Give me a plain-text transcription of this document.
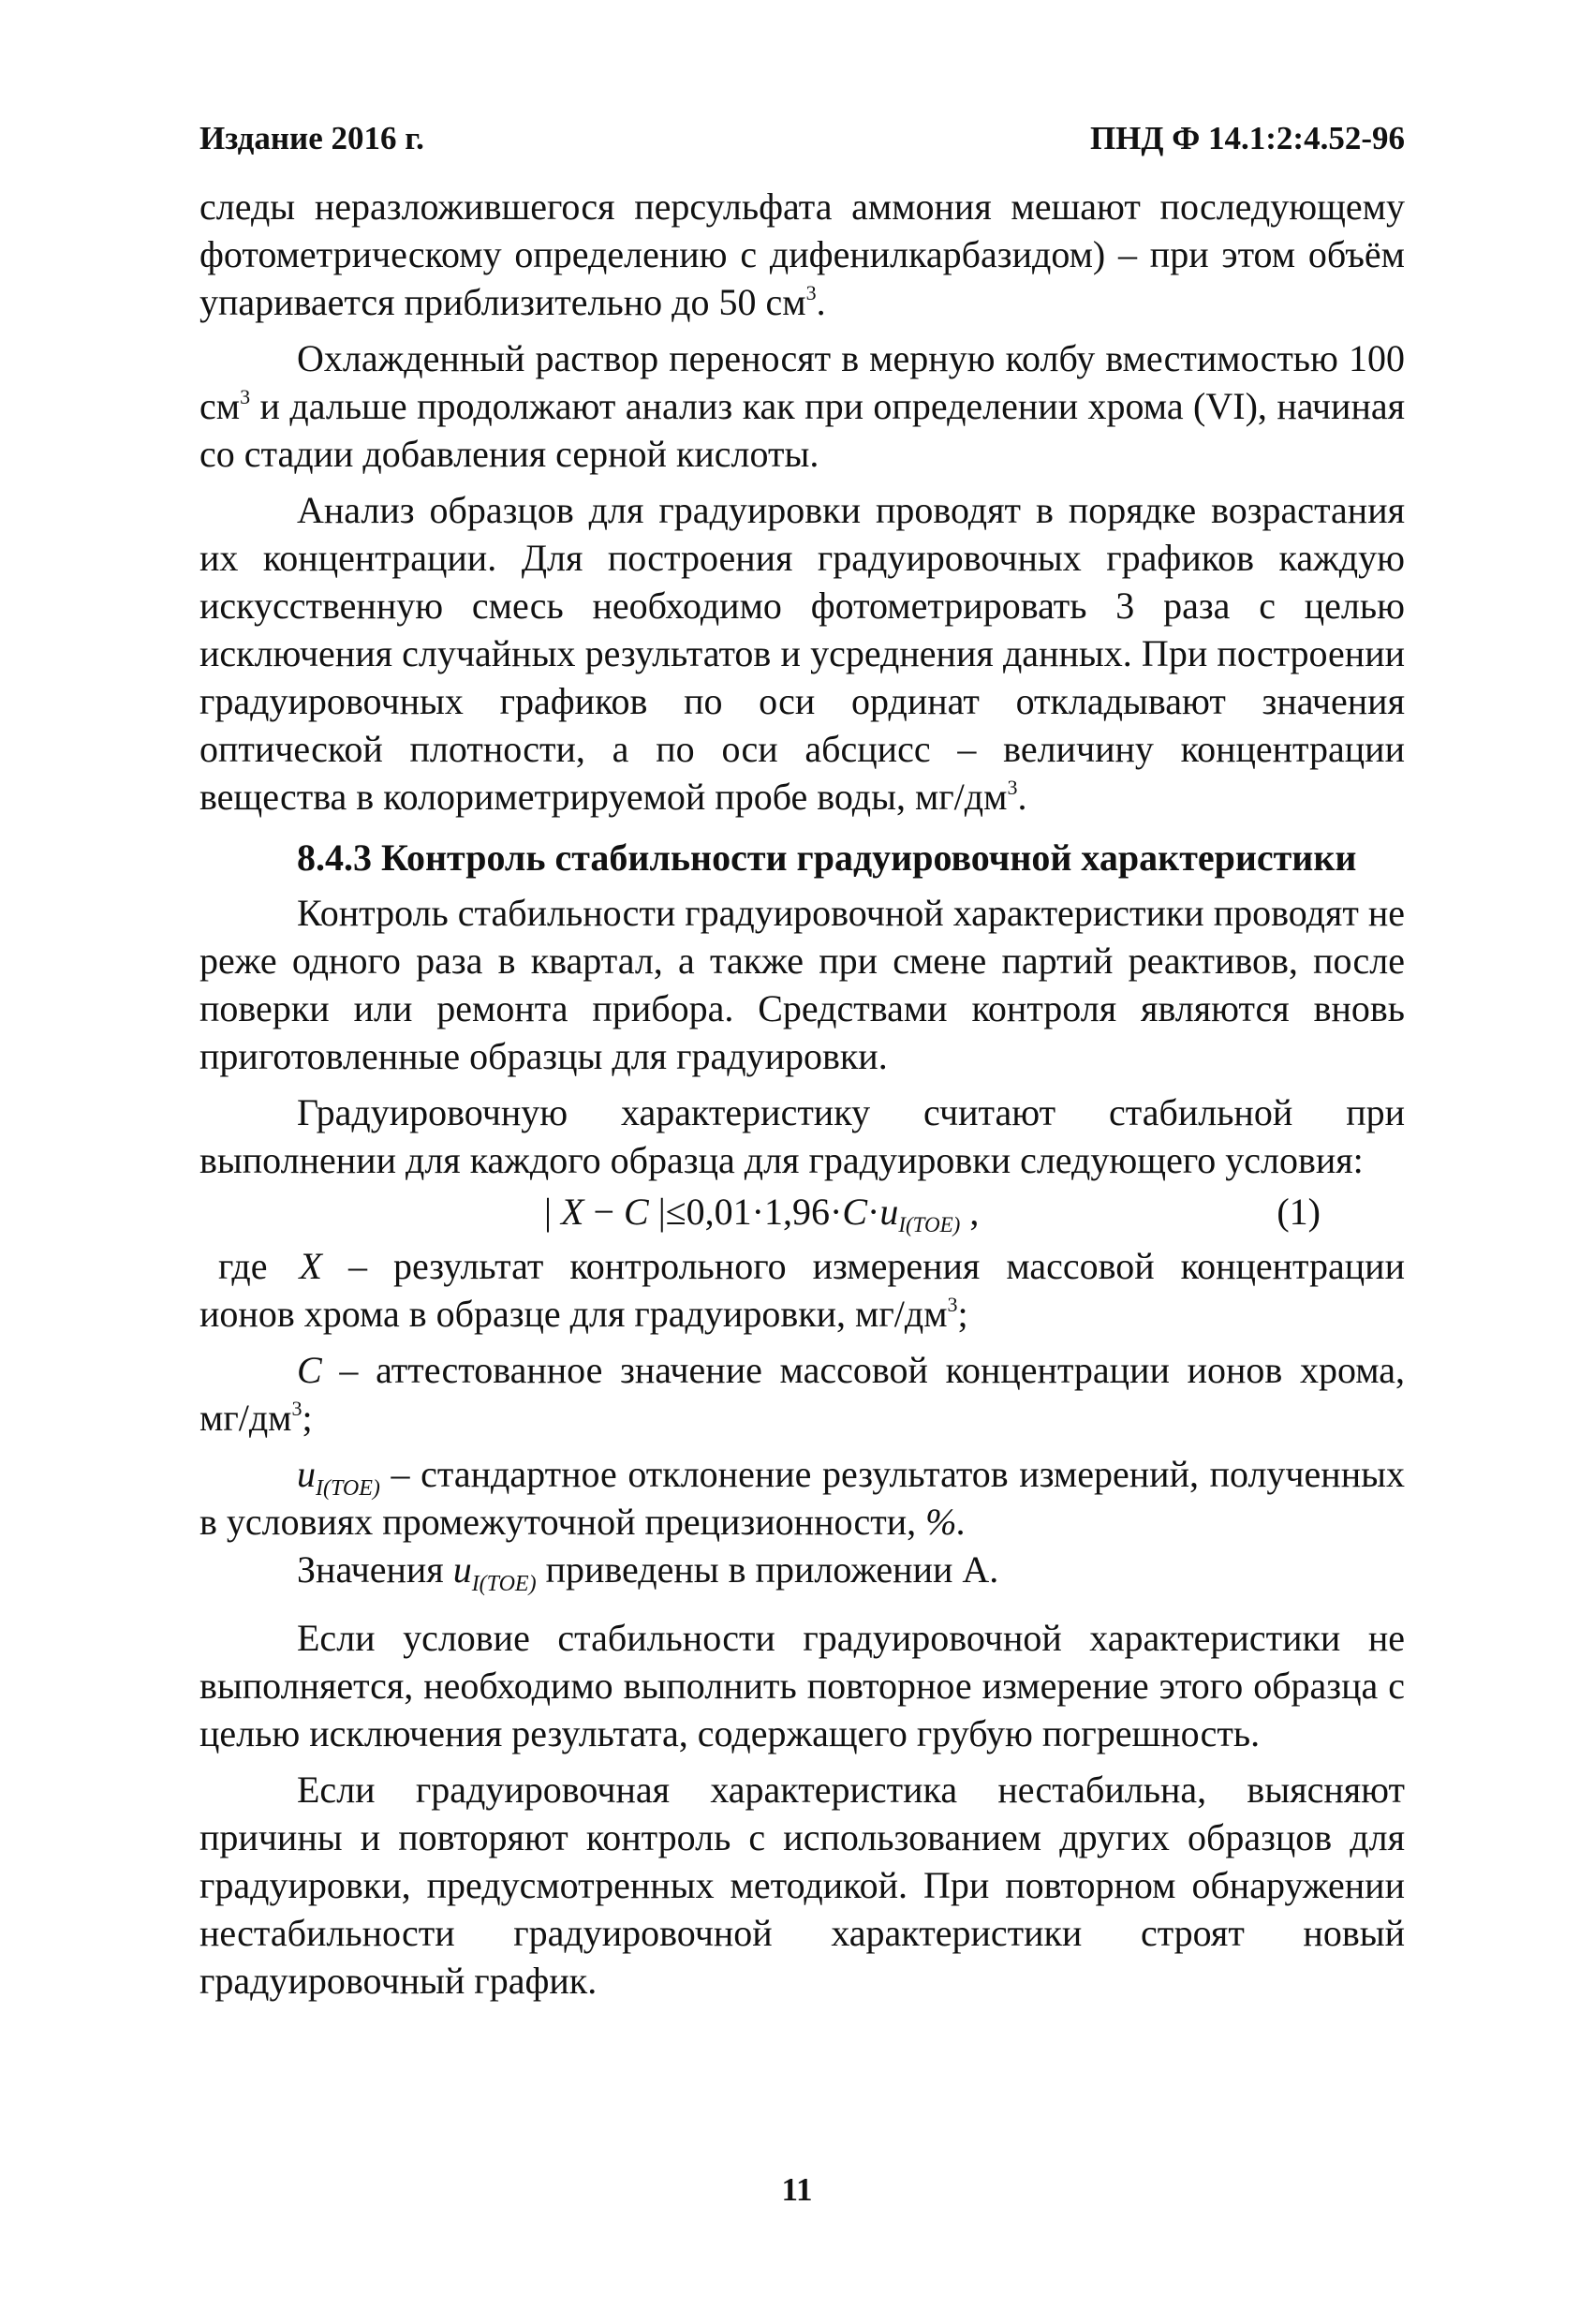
Издание 2016 г.	ПНД Ф 14.1:2:4.52-96

следы неразложившегося персульфата аммония мешают последующему фотометрическому определению с дифенилкарбазидом) – при этом объём упаривается приблизительно до 50 $см^3$.

Охлажденный раствор переносят в мерную колбу вместимостью 100 $см^3$ и дальше продолжают анализ как при определении хрома (VI), начиная со стадии добавления серной кислоты.

Анализ образцов для градуировки проводят в порядке возрастания их концентрации. Для построения градуировочных графиков каждую искусственную смесь необходимо фотометрировать 3 раза с целью исключения случайных результатов и усреднения данных. При построении градуировочных графиков по оси ординат откладывают значения оптической плотности, а по оси абсцисс – величину концентрации вещества в колориметрируемой пробе воды, $мг/дм^3$.

8.4.3 Контроль стабильности градуировочной характеристики

Контроль стабильности градуировочной характеристики проводят не реже одного раза в квартал, а также при смене партий реактивов, после поверки или ремонта прибора. Средствами контроля являются вновь приготовленные образцы для градуировки.

Градуировочную характеристику считают стабильной при выполнении для каждого образца для градуировки следующего условия:

| X − C $|\le 0,01\cdot 1,96\cdot C\cdot u_{I(TOE)}$ ,	(1)

где X – результат контрольного измерения массовой концентрации ионов хрома в образце для градуировки, $мг/дм^3$;

C – аттестованное значение массовой концентрации ионов хрома, $мг/дм^3$;

$u_{I(TOE)}$ – стандартное отклонение результатов измерений, полученных в условиях промежуточной прецизионности, %.

Значения $u_{I(TOE)}$ приведены в приложении А.

Если условие стабильности градуировочной характеристики не выполняется, необходимо выполнить повторное измерение этого образца с целью исключения результата, содержащего грубую погрешность.

Если градуировочная характеристика нестабильна, выясняют причины и повторяют контроль с использованием других образцов для градуировки, предусмотренных методикой. При повторном обнаружении нестабильности градуировочной характеристики строят новый градуировочный график.

11
